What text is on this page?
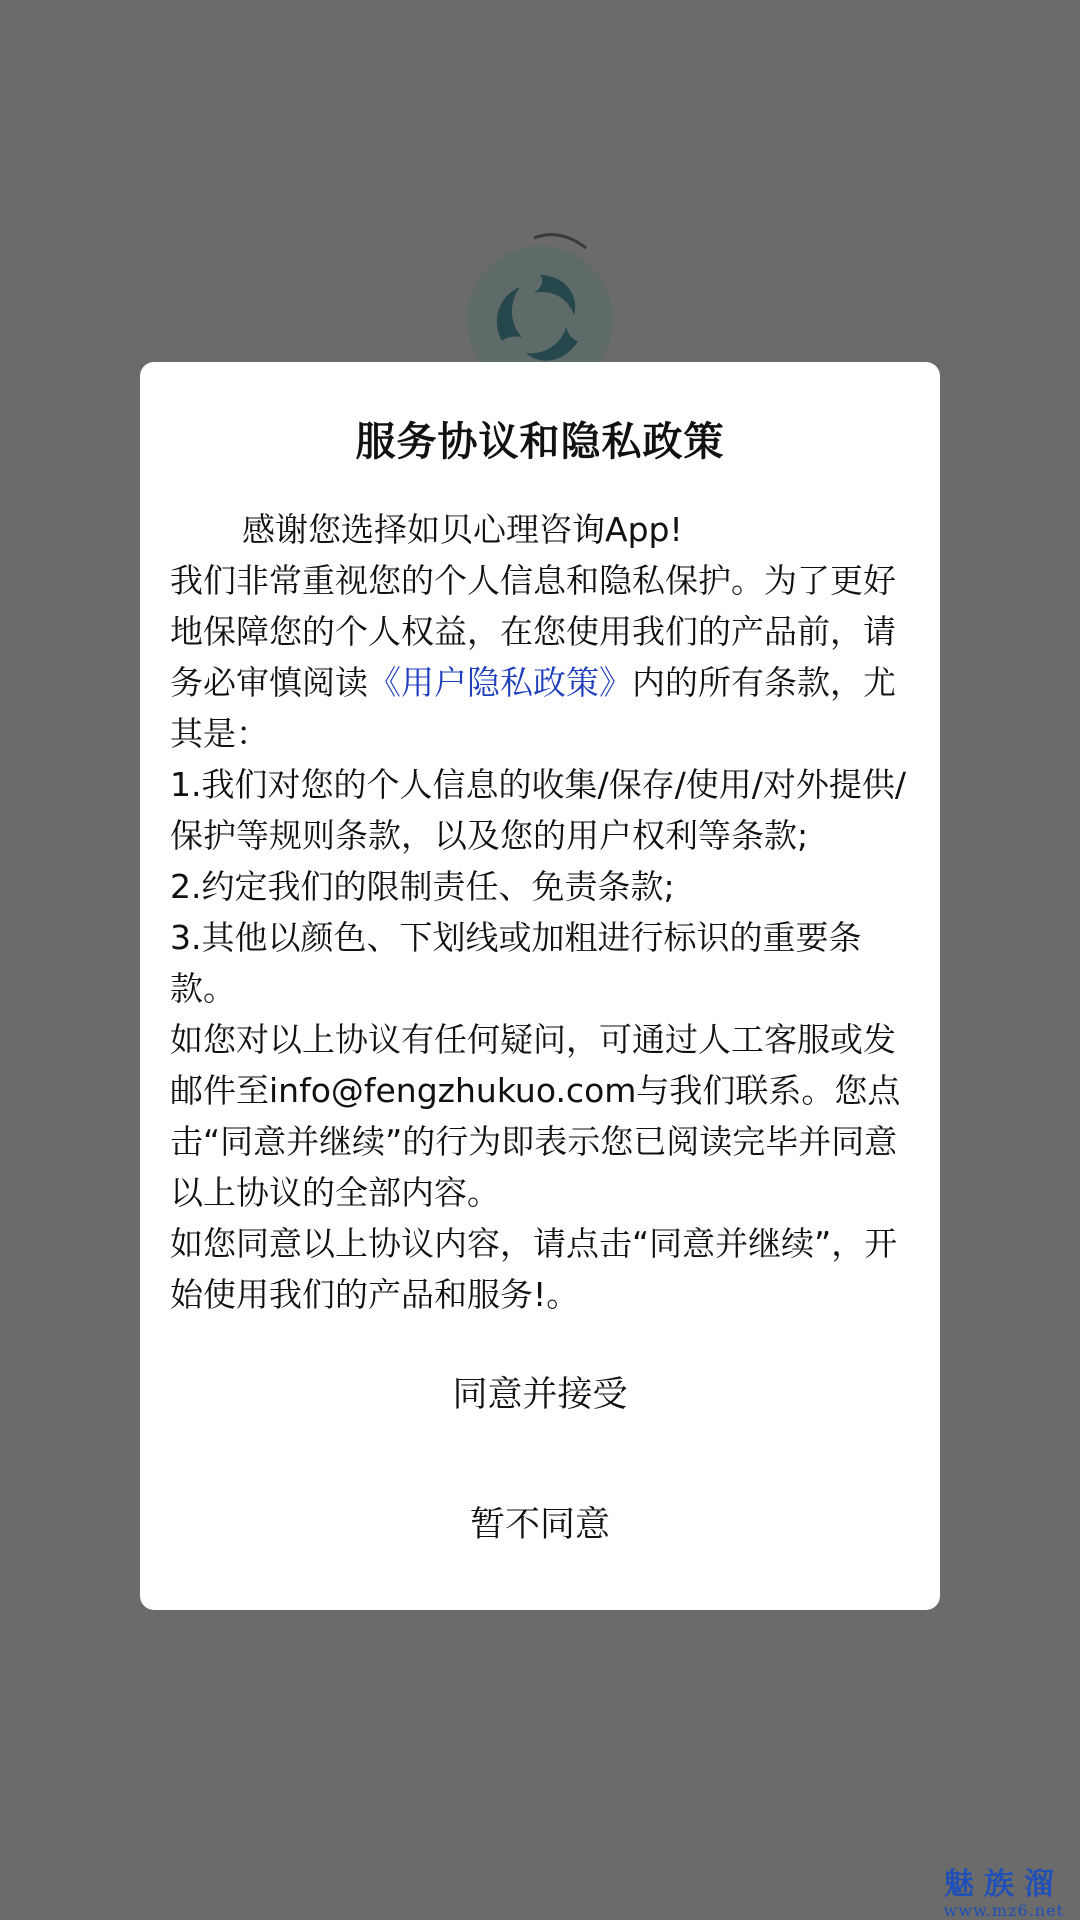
服务协议和隐私政策

感谢您选择如贝心理咨询App!

我们非常重视您的个人信息和隐私保护。为了更好地保障您的个人权益，在您使用我们的产品前，请务必审慎阅读《用户隐私政策》内的所有条款，尤其是：

1.我们对您的个人信息的收集/保存/使用/对外提供/保护等规则条款，以及您的用户权利等条款;

2.约定我们的限制责任、免责条款;

3.其他以颜色、下划线或加粗进行标识的重要条款。

如您对以上协议有任何疑问，可通过人工客服或发邮件至info@fengzhukuo.com与我们联系。您点击“同意并继续”的行为即表示您已阅读完毕并同意以上协议的全部内容。

如您同意以上协议内容，请点击“同意并继续”，开始使用我们的产品和服务!。

同意并接受
暂不同意
魅族溜
www.mz6.net
